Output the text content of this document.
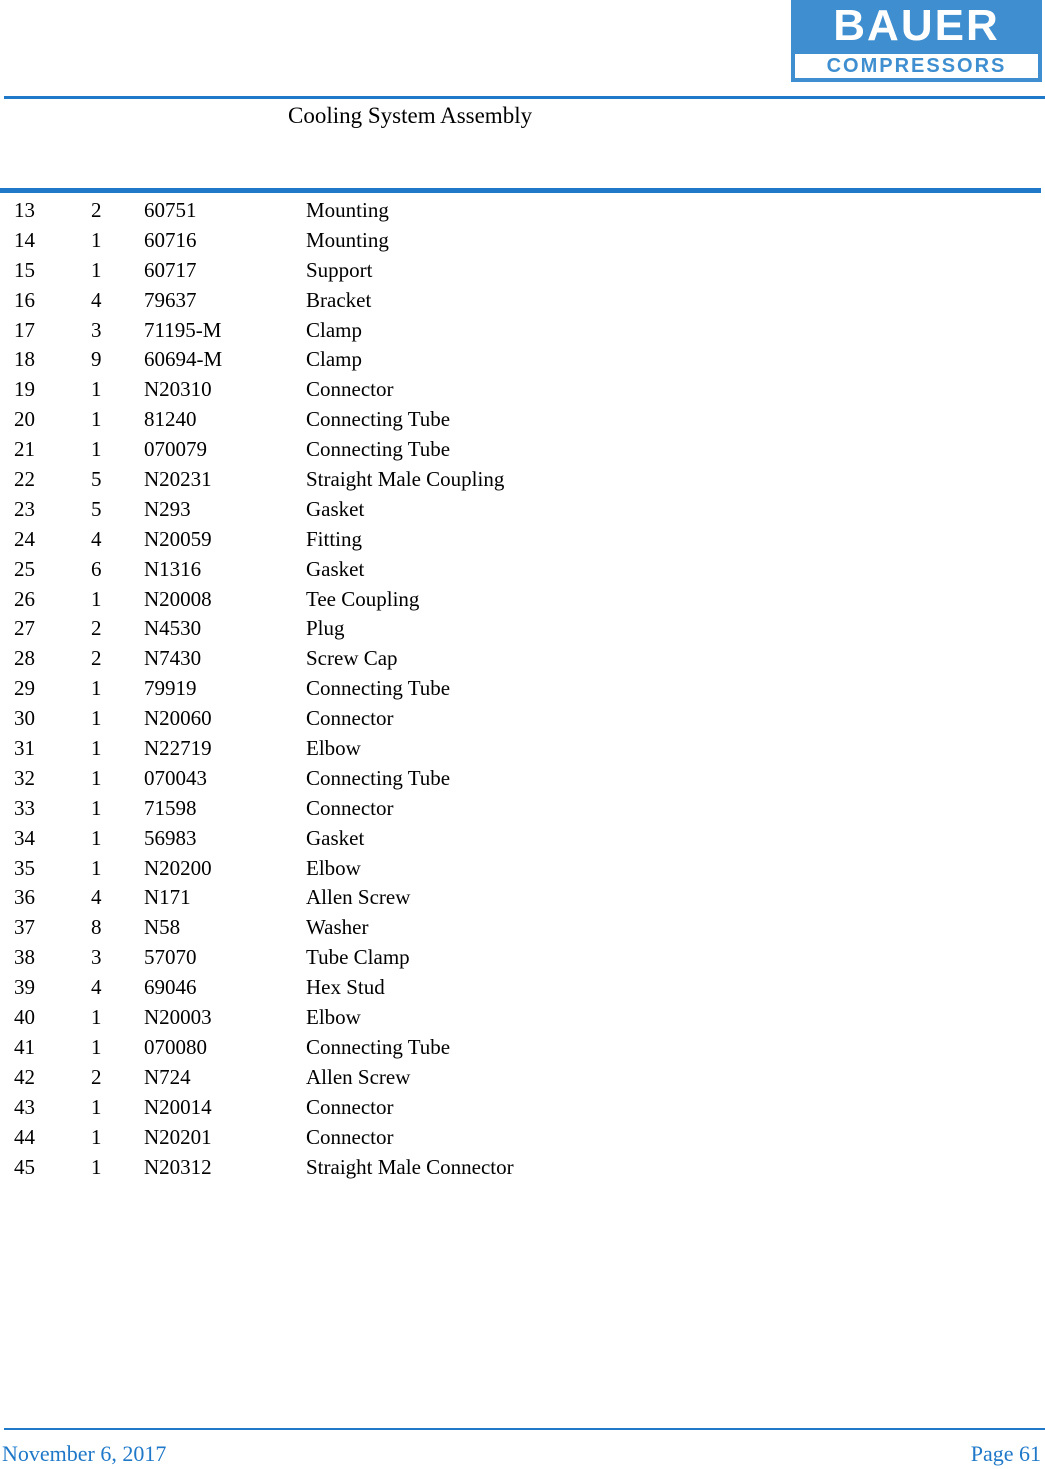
BAUER
COMPRESSORS
Cooling System Assembly
13	2 60751	Mounting
14	1 60716	Mounting
15	1 60717	Support
16	4 79637	Bracket
17	3 71195-M	Clamp
18	9 60694-M	Clamp
19	1 N20310	Connector
20	1 81240	Connecting Tube
21	1 070079	Connecting Tube
22	5 N20231	Straight Male Coupling
23	5 N293	Gasket
24	4 N20059	Fitting
25	6 N1316	Gasket
26	1 N20008	Tee Coupling
27	2 N4530	Plug
28	2 N7430	Screw Cap
29	1 79919	Connecting Tube
30	1 N20060	Connector
31	1 N22719	Elbow
32	1 070043	Connecting Tube
33	1 71598	Connector
34	1 56983	Gasket
35	1 N20200	Elbow
36	4 N171	Allen Screw
37	8 N58	Washer
38	3 57070	Tube Clamp
39	4 69046	Hex Stud
40	1 N20003	Elbow
41	1 070080	Connecting Tube
42	2 N724	Allen Screw
43	1 N20014	Connector
44	1 N20201	Connector
45	1 N20312	Straight Male Connector
November 6, 2017	Page 61
